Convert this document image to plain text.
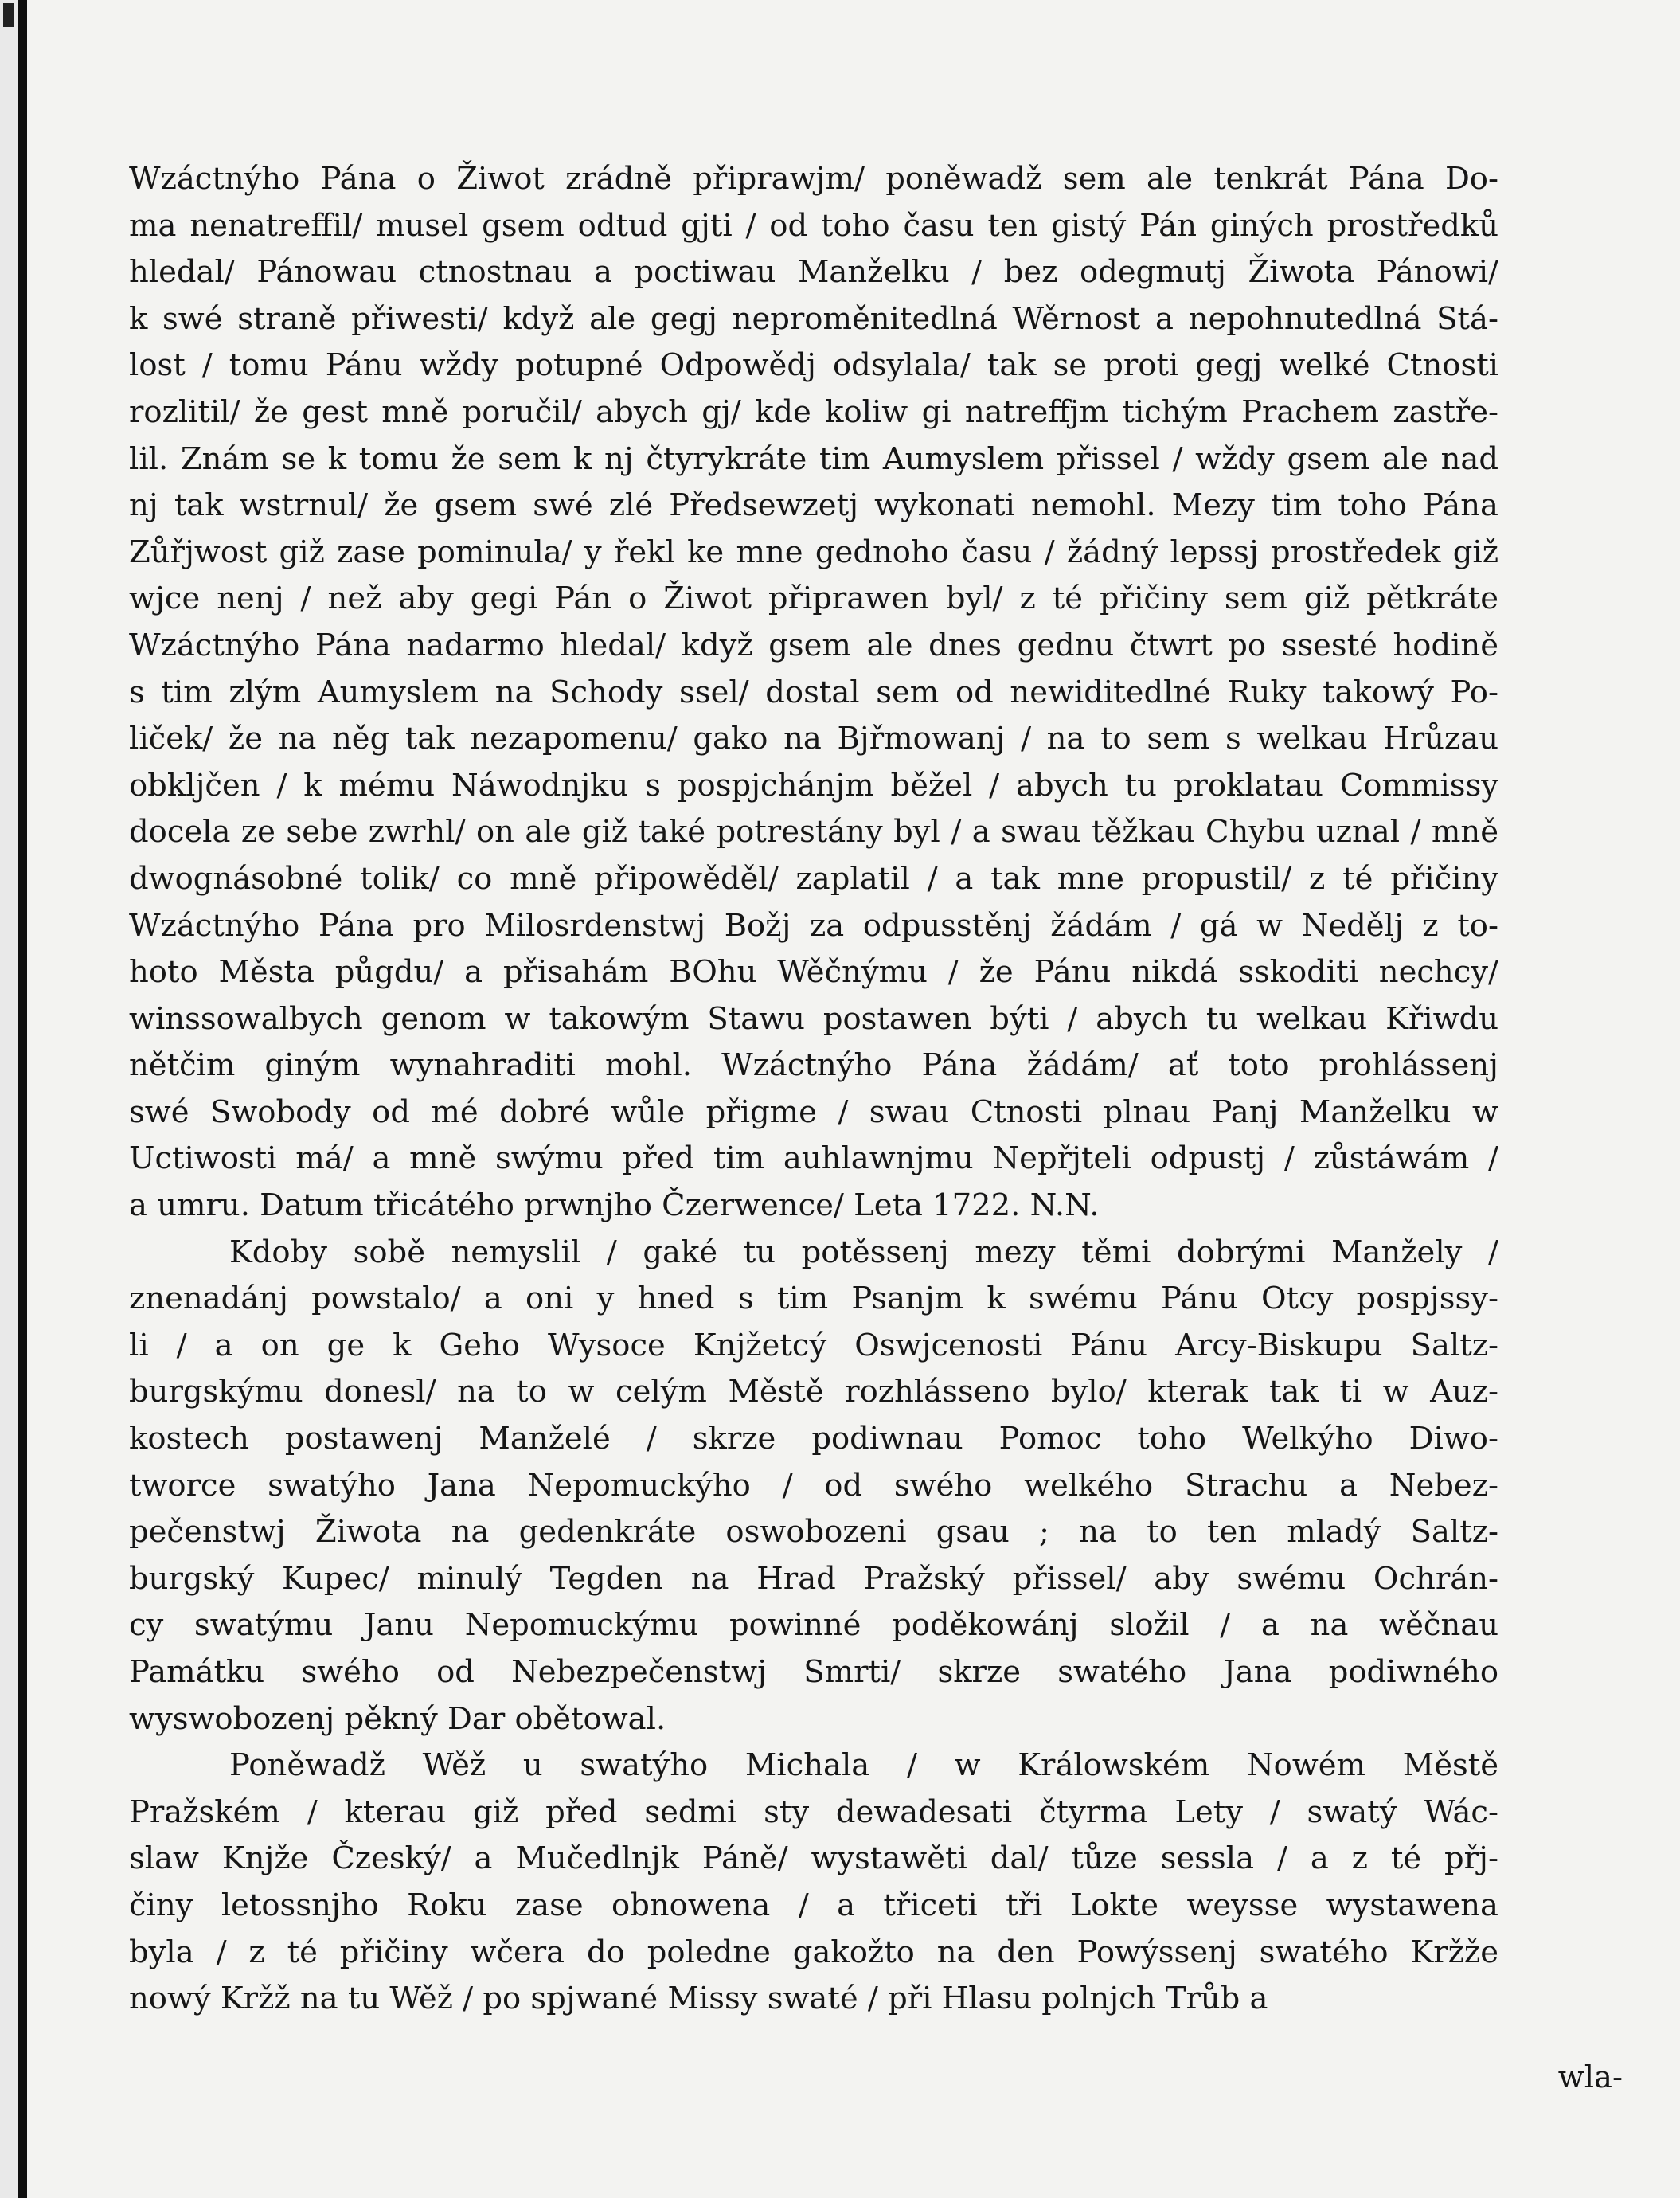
Wzáctnýho Pána o Žiwot zrádně připrawjm/ poněwadž sem ale tenkrát Pána Do-
ma nenatreffil/ musel gsem odtud gjti / od toho času ten gistý Pán giných prostředků
hledal/ Pánowau ctnostnau a poctiwau Manželku / bez odegmutj Žiwota Pánowi/
k swé straně přiwesti/ když ale gegj neproměnitedlná Wěrnost a nepohnutedlná Stá-
lost / tomu Pánu wždy potupné Odpowědj odsylala/ tak se proti gegj welké Ctnosti
rozlitil/ že gest mně poručil/ abych gj/ kde koliw gi natreffjm tichým Prachem zastře-
lil. Znám se k tomu že sem k nj čtyrykráte tim Aumyslem přissel / wždy gsem ale nad
nj tak wstrnul/ že gsem swé zlé Předsewzetj wykonati nemohl. Mezy tim toho Pána
Zůřjwost giž zase pominula/ y řekl ke mne gednoho času / žádný lepssj prostředek giž
wjce nenj / než aby gegi Pán o Žiwot připrawen byl/ z té přičiny sem giž pětkráte
Wzáctnýho Pána nadarmo hledal/ když gsem ale dnes gednu čtwrt po ssesté hodině
s tim zlým Aumyslem na Schody ssel/ dostal sem od newiditedlné Ruky takowý Po-
liček/ že na něg tak nezapomenu/ gako na Bjřmowanj / na to sem s welkau Hrůzau
obkljčen / k mému Náwodnjku s pospjchánjm běžel / abych tu proklatau Commissy
docela ze sebe zwrhl/ on ale giž také potrestány byl / a swau těžkau Chybu uznal / mně
dwognásobné tolik/ co mně připowěděl/ zaplatil / a tak mne propustil/ z té přičiny
Wzáctnýho Pána pro Milosrdenstwj Božj za odpusstěnj žádám / gá w Nedělj z to-
hoto Města půgdu/ a přisahám BOhu Wěčnýmu / že Pánu nikdá sskoditi nechcy/
winssowalbych genom w takowým Stawu postawen býti / abych tu welkau Křiwdu
nětčim giným wynahraditi mohl. Wzáctnýho Pána žádám/ ať toto prohlássenj
swé Swobody od mé dobré wůle přigme / swau Ctnosti plnau Panj Manželku w
Uctiwosti má/ a mně swýmu před tim auhlawnjmu Nepřjteli odpustj / zůstáwám /
a umru. Datum třicátého prwnjho Čzerwence/ Leta 1722. N.N.
Kdoby sobě nemyslil / gaké tu potěssenj mezy těmi dobrými Manžely /
znenadánj powstalo/ a oni y hned s tim Psanjm k swému Pánu Otcy pospjssy-
li / a on ge k Geho Wysoce Knjžetcý Oswjcenosti Pánu Arcy-Biskupu Saltz-
burgskýmu donesl/ na to w celým Městě rozhlássenо bylo/ kterak tak ti w Auz-
kostech postawenj Manželé / skrze podiwnau Pomoc toho Welkýho Diwo-
tworce swatýho Jana Nepomuckýho / od swého welkého Strachu a Nebez-
pečenstwj Žiwota na gedenkráte oswobozeni gsau ; na to ten mladý Saltz-
burgský Kupec/ minulý Tegden na Hrad Pražský přissel/ aby swému Ochrán-
cy swatýmu Janu Nepomuckýmu powinné poděkowánj složil / a na wěčnau
Památku swého od Nebezpečenstwj Smrti/ skrze swatého Jana podiwného
wyswobozenj pěkný Dar obětowal.
Poněwadž Wěž u swatýho Michala / w Králowském Nowém Městě
Pražském / kterau giž před sedmi sty dewadesati čtyrma Lety / swatý Wác-
slaw Knjže Čzeský/ a Mučedlnjk Páně/ wystawěti dal/ tůze sessla / a z té přj-
činy letossnjho Roku zase obnowena / a třiceti tři Lokte weysse wystawena
byla / z té přičiny wčera do poledne gakožto na den Powýssenj swatého Kržže
nowý Kržž na tu Wěž / po spjwané Missy swaté / při Hlasu polnjch Trůb a
wla-
